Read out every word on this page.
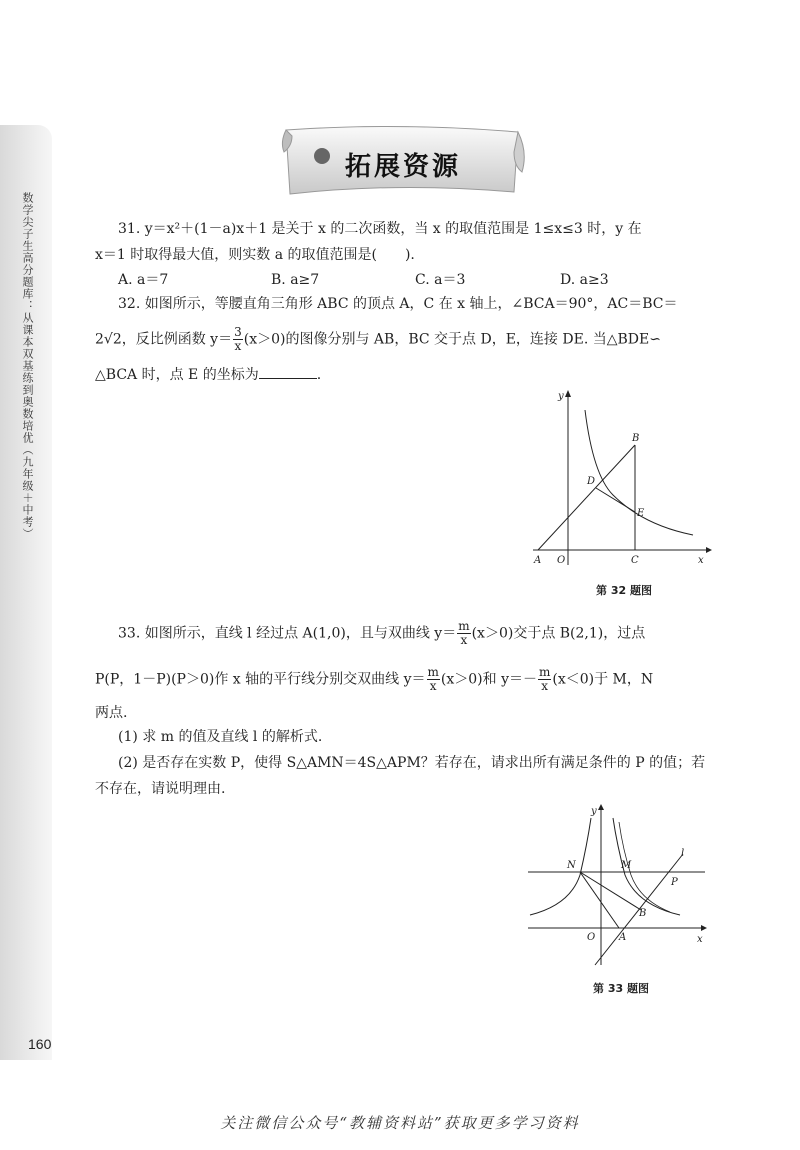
数学尖子生高分题库：从课本双基练到奥数培优（九年级＋中考）
160
拓展资源
31. y＝x²＋(1－a)x＋1 是关于 x 的二次函数，当 x 的取值范围是 1≤x≤3 时，y 在
x＝1 时取得最大值，则实数 a 的取值范围是(　　).
A. a＝7	B. a≥7	C. a＝3	D. a≥3
32. 如图所示，等腰直角三角形 ABC 的顶点 A，C 在 x 轴上，∠BCA＝90°，AC＝BC＝
2√2，反比例函数 $y= \frac{3}{x} (x>0)$的图像分别与 AB，BC 交于点 D，E，连接 DE. 当△BDE∽
△BCA 时，点 E 的坐标为	.
y
x
A O	C
B
D
E
第 32 题图
33. 如图所示，直线 l 经过点 A(1,0)，且与双曲线 $y= \frac{m}{x} (x>0)$交于点 B(2,1)，过点
P(P，1－P)(P＞0)作 x 轴的平行线分别交双曲线 $y= \frac{m}{x} (x>0)$和 $y=- \frac{m}{x} (x<0)$于 M，N
两点.
(1) 求 m 的值及直线 l 的解析式.
(2) 是否存在实数 P，使得 S△AMN＝4S△APM？若存在，请求出所有满足条件的 P 的值；若
不存在，请说明理由.
y
x
N	M
l
P
B
O A
第 33 题图
关注微信公众号“教辅资料站”获取更多学习资料
